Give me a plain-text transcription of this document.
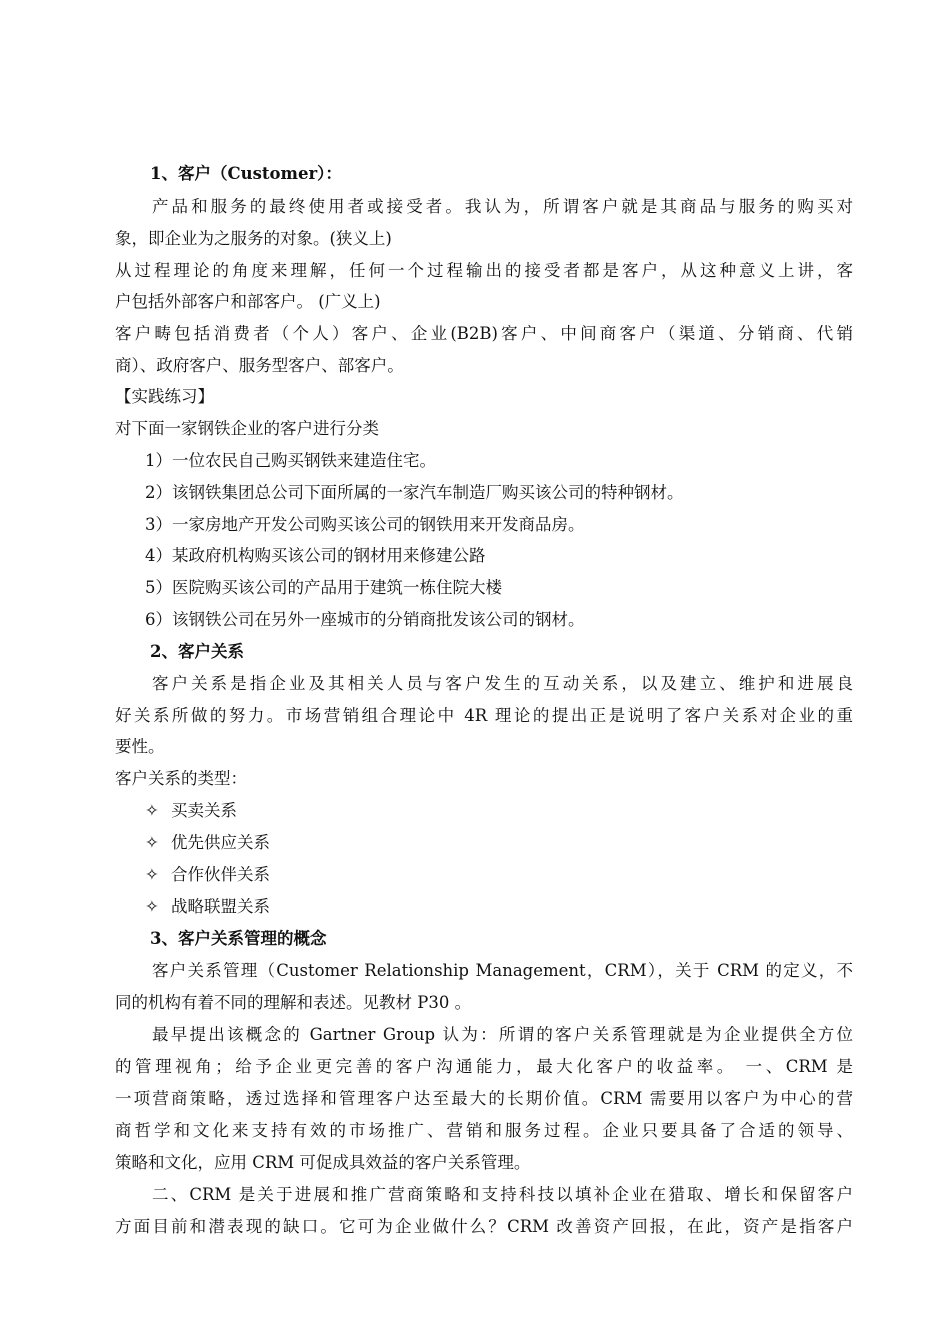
1、客户（Customer）：
产品和服务的最终使用者或接受者。我认为，所谓客户就是其商品与服务的购买对
象，即企业为之服务的对象。(狭义上)
从过程理论的角度来理解，任何一个过程输出的接受者都是客户，从这种意义上讲，客
户包括外部客户和部客户。 (广义上)
客户畴包括消费者（个人）客户、企业(B2B)客户、中间商客户（渠道、分销商、代销
商）、政府客户、服务型客户、部客户。
【实践练习】
对下面一家钢铁企业的客户进行分类
1）一位农民自己购买钢铁来建造住宅。
2）该钢铁集团总公司下面所属的一家汽车制造厂购买该公司的特种钢材。
3）一家房地产开发公司购买该公司的钢铁用来开发商品房。
4）某政府机构购买该公司的钢材用来修建公路
5）医院购买该公司的产品用于建筑一栋住院大楼
6）该钢铁公司在另外一座城市的分销商批发该公司的钢材。
2、客户关系
客户关系是指企业及其相关人员与客户发生的互动关系，以及建立、维护和进展良
好关系所做的努力。市场营销组合理论中 4R 理论的提出正是说明了客户关系对企业的重
要性。
客户关系的类型：
✧ 买卖关系
✧ 优先供应关系
✧ 合作伙伴关系
✧ 战略联盟关系
3、客户关系管理的概念
客户关系管理（Customer Relationship Management，CRM），关于 CRM 的定义，不
同的机构有着不同的理解和表述。见教材 P30 。
最早提出该概念的 Gartner Group 认为：所谓的客户关系管理就是为企业提供全方位
的管理视角；给予企业更完善的客户沟通能力，最大化客户的收益率。 一、CRM 是
一项营商策略，透过选择和管理客户达至最大的长期价值。CRM 需要用以客户为中心的营
商哲学和文化来支持有效的市场推广、营销和服务过程。企业只要具备了合适的领导、
策略和文化，应用 CRM 可促成具效益的客户关系管理。
二、CRM 是关于进展和推广营商策略和支持科技以填补企业在猎取、增长和保留客户
方面目前和潜表现的缺口。它可为企业做什么？CRM 改善资产回报，在此，资产是指客户
